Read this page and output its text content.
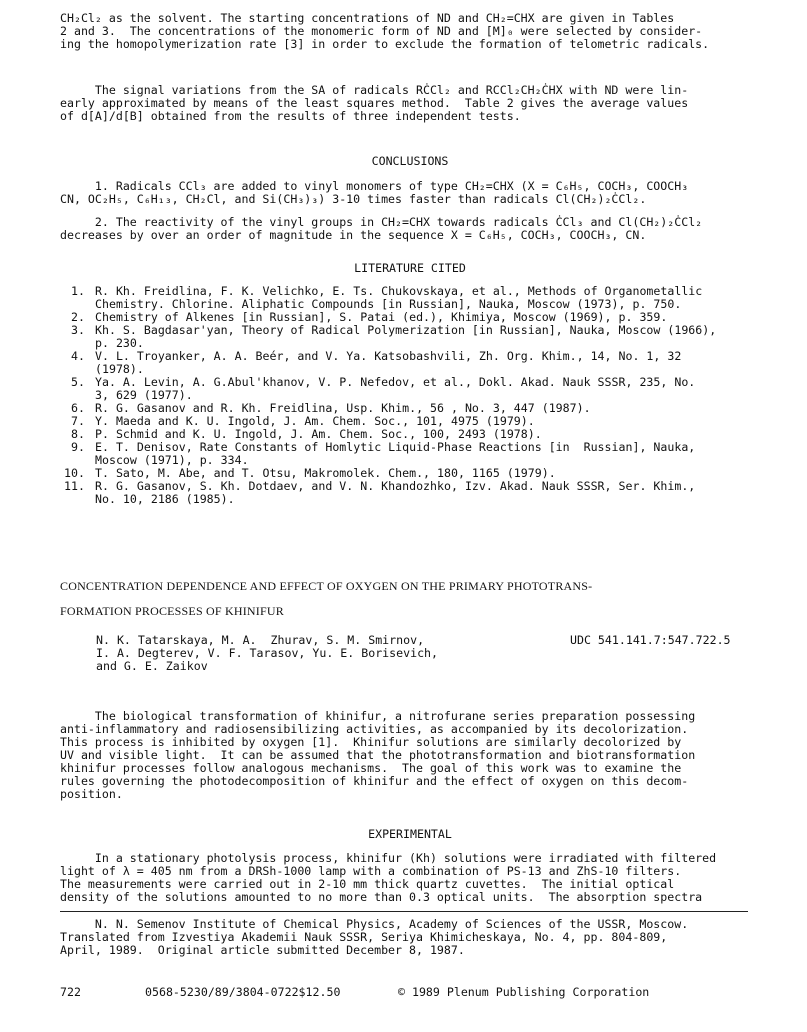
CH₂Cl₂ as the solvent. The starting concentrations of ND and CH₂=CHX are given in Tables
2 and 3.  The concentrations of the monomeric form of ND and [M]₀ were selected by consider-
ing the homopolymerization rate [3] in order to exclude the formation of telometric radicals.
The signal variations from the SA of radicals RĊCl₂ and RCCl₂CH₂ĊHX with ND were lin-
early approximated by means of the least squares method.  Table 2 gives the average values
of d[A]/d[B] obtained from the results of three independent tests.
CONCLUSIONS
1. Radicals CCl₃ are added to vinyl monomers of type CH₂=CHX (X = C₆H₅, COCH₃, COOCH₃
CN, OC₂H₅, C₆H₁₃, CH₂Cl, and Si(CH₃)₃) 3-10 times faster than radicals Cl(CH₂)₂ĊCl₂.
2. The reactivity of the vinyl groups in CH₂=CHX towards radicals ĊCl₃ and Cl(CH₂)₂ĊCl₂
decreases by over an order of magnitude in the sequence X = C₆H₅, COCH₃, COOCH₃, CN.
LITERATURE CITED
1. R. Kh. Freidlina, F. K. Velichko, E. Ts. Chukovskaya, et al., Methods of Organometallic
Chemistry. Chlorine. Aliphatic Compounds [in Russian], Nauka, Moscow (1973), p. 750.
2. Chemistry of Alkenes [in Russian], S. Patai (ed.), Khimiya, Moscow (1969), p. 359.
3. Kh. S. Bagdasar'yan, Theory of Radical Polymerization [in Russian], Nauka, Moscow (1966),
p. 230.
4. V. L. Troyanker, A. A. Beér, and V. Ya. Katsobashvili, Zh. Org. Khim., 14, No. 1, 32
(1978).
5. Ya. A. Levin, A. G.Abul'khanov, V. P. Nefedov, et al., Dokl. Akad. Nauk SSSR, 235, No.
3, 629 (1977).
6. R. G. Gasanov and R. Kh. Freidlina, Usp. Khim., 56 , No. 3, 447 (1987).
7. Y. Maeda and K. U. Ingold, J. Am. Chem. Soc., 101, 4975 (1979).
8. P. Schmid and K. U. Ingold, J. Am. Chem. Soc., 100, 2493 (1978).
9. E. T. Denisov, Rate Constants of Homlytic Liquid-Phase Reactions [in  Russian], Nauka,
Moscow (1971), p. 334.
10. T. Sato, M. Abe, and T. Otsu, Makromolek. Chem., 180, 1165 (1979).
11. R. G. Gasanov, S. Kh. Dotdaev, and V. N. Khandozhko, Izv. Akad. Nauk SSSR, Ser. Khim.,
No. 10, 2186 (1985).
CONCENTRATION DEPENDENCE AND EFFECT OF OXYGEN ON THE PRIMARY PHOTOTRANS-
FORMATION PROCESSES OF KHINIFUR
N. K. Tatarskaya, M. A.  Zhurav, S. M. Smirnov,
I. A. Degterev, V. F. Tarasov, Yu. E. Borisevich,
and G. E. Zaikov
UDC 541.141.7:547.722.5
The biological transformation of khinifur, a nitrofurane series preparation possessing
anti-inflammatory and radiosensibilizing activities, as accompanied by its decolorization.
This process is inhibited by oxygen [1].  Khinifur solutions are similarly decolorized by
UV and visible light.  It can be assumed that the phototransformation and biotransformation
khinifur processes follow analogous mechanisms.  The goal of this work was to examine the
rules governing the photodecomposition of khinifur and the effect of oxygen on this decom-
position.
EXPERIMENTAL
In a stationary photolysis process, khinifur (Kh) solutions were irradiated with filtered
light of λ = 405 nm from a DRSh-1000 lamp with a combination of PS-13 and ZhS-10 filters.
The measurements were carried out in 2-10 mm thick quartz cuvettes.  The initial optical
density of the solutions amounted to no more than 0.3 optical units.  The absorption spectra
N. N. Semenov Institute of Chemical Physics, Academy of Sciences of the USSR, Moscow.
Translated from Izvestiya Akademii Nauk SSSR, Seriya Khimicheskaya, No. 4, pp. 804-809,
April, 1989.  Original article submitted December 8, 1987.
722	0568-5230/89/3804-0722$12.50	© 1989 Plenum Publishing Corporation
